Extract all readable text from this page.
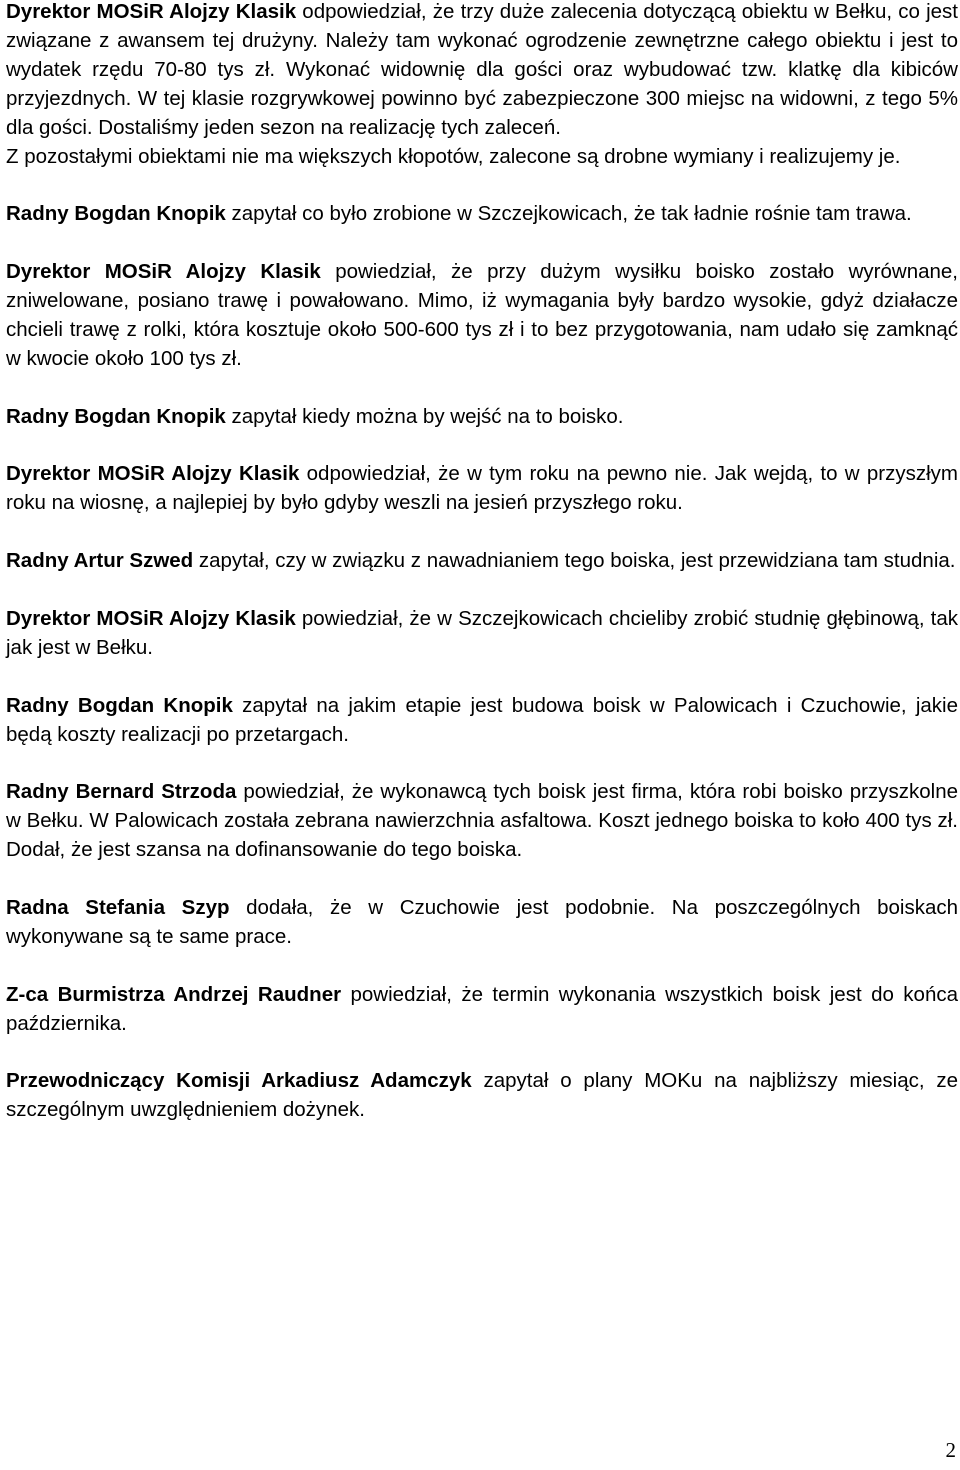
Dyrektor MOSiR Alojzy Klasik odpowiedział, że trzy duże zalecenia dotyczącą obiektu w Bełku, co jest związane z awansem tej drużyny. Należy tam wykonać ogrodzenie zewnętrzne całego obiektu i jest to wydatek rzędu 70-80 tys zł. Wykonać widownię dla gości oraz wybudować tzw. klatkę dla kibiców przyjezdnych. W tej klasie rozgrywkowej powinno być zabezpieczone 300 miejsc na widowni, z tego 5% dla gości. Dostaliśmy jeden sezon na realizację tych zaleceń.

Z pozostałymi obiektami nie ma większych kłopotów, zalecone są drobne wymiany i realizujemy je.

Radny Bogdan Knopik zapytał co było zrobione w Szczejkowicach, że tak ładnie rośnie tam trawa.

Dyrektor MOSiR Alojzy Klasik powiedział, że przy dużym wysiłku boisko zostało wyrównane, zniwelowane, posiano trawę i powałowano. Mimo, iż wymagania były bardzo wysokie, gdyż działacze chcieli trawę z rolki, która kosztuje około 500-600 tys zł i to bez przygotowania, nam udało się zamknąć w kwocie około 100 tys zł.

Radny Bogdan Knopik zapytał kiedy można by wejść na to boisko.

Dyrektor MOSiR Alojzy Klasik odpowiedział, że w tym roku na pewno nie. Jak wejdą, to w przyszłym roku na wiosnę, a najlepiej by było gdyby weszli na jesień przyszłego roku.

Radny Artur Szwed zapytał, czy w związku z nawadnianiem tego boiska, jest przewidziana tam studnia.

Dyrektor MOSiR Alojzy Klasik powiedział, że w Szczejkowicach chcieliby zrobić studnię głębinową, tak jak jest w Bełku.

Radny Bogdan Knopik zapytał na jakim etapie jest budowa boisk w Palowicach i Czuchowie, jakie będą koszty realizacji po przetargach.

Radny Bernard Strzoda powiedział, że wykonawcą tych boisk jest firma, która robi boisko przyszkolne w Bełku. W Palowicach została zebrana nawierzchnia asfaltowa. Koszt jednego boiska to koło 400 tys zł. Dodał, że jest szansa na dofinansowanie do tego boiska.

Radna Stefania Szyp dodała, że w Czuchowie jest podobnie. Na poszczególnych boiskach wykonywane są te same prace.

Z-ca Burmistrza Andrzej Raudner powiedział, że termin wykonania wszystkich boisk jest do końca października.

Przewodniczący Komisji Arkadiusz Adamczyk zapytał o plany MOKu na najbliższy miesiąc, ze szczególnym uwzględnieniem dożynek.

2
